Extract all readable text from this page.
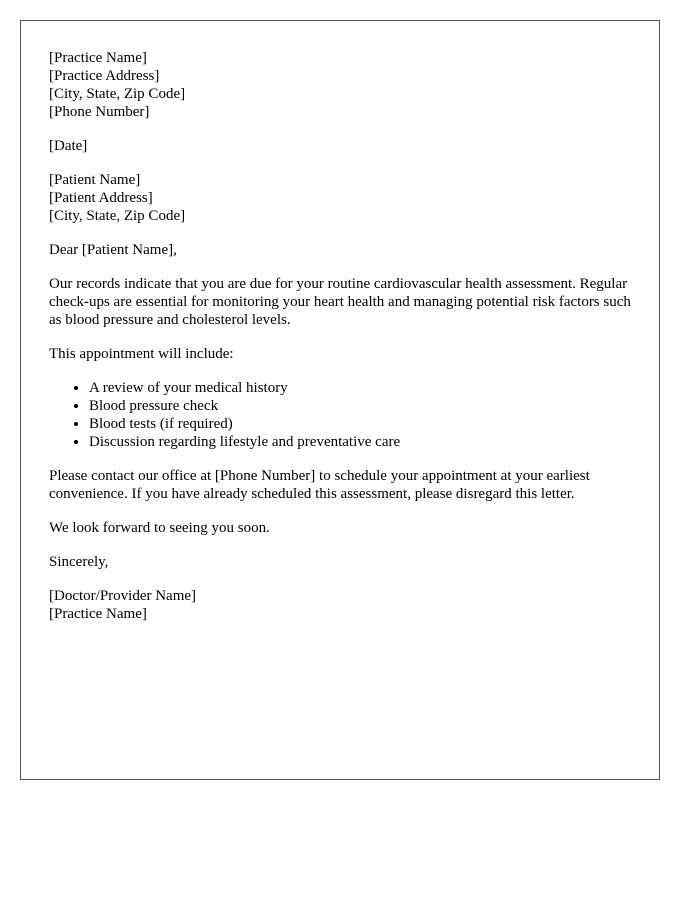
[Practice Name]
[Practice Address]
[City, State, Zip Code]
[Phone Number]
[Date]
[Patient Name]
[Patient Address]
[City, State, Zip Code]

Dear [Patient Name],

Our records indicate that you are due for your routine cardiovascular health assessment. Regular check-ups are essential for monitoring your heart health and managing potential risk factors such as blood pressure and cholesterol levels.

This appointment will include:

• A review of your medical history
• Blood pressure check
• Blood tests (if required)
• Discussion regarding lifestyle and preventative care

Please contact our office at [Phone Number] to schedule your appointment at your earliest convenience. If you have already scheduled this assessment, please disregard this letter.

We look forward to seeing you soon.

Sincerely,

[Doctor/Provider Name]
[Practice Name]
